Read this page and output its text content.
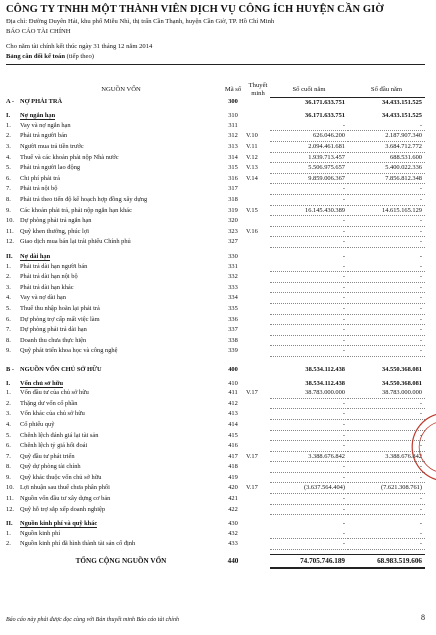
CÔNG TY TNHH MỘT THÀNH VIÊN DỊCH VỤ CÔNG ÍCH HUYỆN CẦN GIỜ
Địa chỉ: Đường Duyên Hải, khu phố Miễu Nhì, thị trấn Cần Thạnh, huyện Cần Giờ, TP. Hồ Chí Minh
BÁO CÁO TÀI CHÍNH
Cho năm tài chính kết thúc ngày 31 tháng 12 năm 2014
Bảng cân đối kế toán (tiếp theo)
	NGUỒN VỐN	Mã số	Thuyết minh	Số cuối năm	Số đầu năm
A -	NỢ PHẢI TRẢ	300		36.171.633.751	34.433.151.525

I.	Nợ ngắn hạn	310		36.171.633.751	34.433.151.525
1.	Vay và nợ ngắn hạn	311		-	-
2.	Phải trả người bán	312	V.10	626.046.200	2.187.907.340
3.	Người mua trả tiền trước	313	V.11	2.094.461.681	3.684.712.772
4.	Thuế và các khoản phải nộp Nhà nước	314	V.12	1.939.713.457	688.531.600
5.	Phải trả người lao động	315	V.13	5.506.975.657	5.400.022.336
6.	Chi phí phải trả	316	V.14	9.859.006.367	7.856.812.348
7.	Phải trả nội bộ	317		-	-
8.	Phải trả theo tiến độ kế hoạch hợp đồng xây dựng	318		-	-
9.	Các khoản phải trả, phải nộp ngắn hạn khác	319	V.15	16.145.430.389	14.615.165.129
10.	Dự phòng phải trả ngắn hạn	320		-	-
11.	Quỹ khen thưởng, phúc lợi	323	V.16	-	-
12.	Giao dịch mua bán lại trái phiếu Chính phủ	327		-	-

II.	Nợ dài hạn	330		-	-
1.	Phải trả dài hạn người bán	331		-	-
2.	Phải trả dài hạn nội bộ	332		-	-
3.	Phải trả dài hạn khác	333		-	-
4.	Vay và nợ dài hạn	334		-	-
5.	Thuế thu nhập hoãn lại phải trả	335		-	-
6.	Dự phòng trợ cấp mất việc làm	336		-	-
7.	Dự phòng phải trả dài hạn	337		-	-
8.	Doanh thu chưa thực hiện	338		-	-
9.	Quỹ phát triển khoa học và công nghệ	339		-	-

B -	NGUỒN VỐN CHỦ SỞ HỮU	400		38.534.112.438	34.550.368.081

I.	Vốn chủ sở hữu	410		38.534.112.438	34.550.368.081
1.	Vốn đầu tư của chủ sở hữu	411	V.17	38.783.000.000	38.783.000.000
2.	Thặng dư vốn cổ phần	412		-	-
3.	Vốn khác của chủ sở hữu	413		-	-
4.	Cổ phiếu quỹ	414		-	-
5.	Chênh lệch đánh giá lại tài sản	415		-	-
6.	Chênh lệch tỷ giá hối đoái	416		-	-
7.	Quỹ đầu tư phát triển	417	V.17	3.388.676.842	3.388.676.842
8.	Quỹ dự phòng tài chính	418		-	-
9.	Quỹ khác thuộc vốn chủ sở hữu	419		-	-
10.	Lợi nhuận sau thuế chưa phân phối	420	V.17	(3.637.564.404)	(7.621.308.761)
11.	Nguồn vốn đầu tư xây dựng cơ bản	421		-	-
12.	Quỹ hỗ trợ sắp xếp doanh nghiệp	422		-	-

II.	Nguồn kinh phí và quỹ khác	430		-	-
1.	Nguồn kinh phí	432		-	-
2.	Nguồn kinh phí đã hình thành tài sản cố định	433		-	-

	TỔNG CỘNG NGUỒN VỐN	440		74.705.746.189	68.983.519.606
Báo cáo này phải được đọc cùng với Bản thuyết minh Báo cáo tài chính	8
